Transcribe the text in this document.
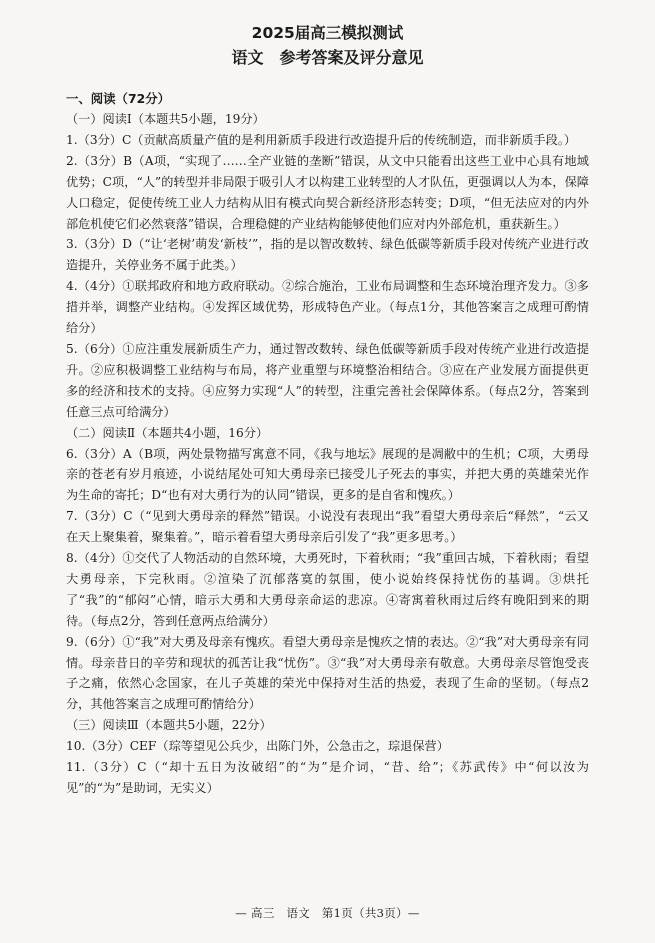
2025届高三模拟测试
语文　参考答案及评分意见

一、阅读（72分）

（一）阅读Ⅰ（本题共5小题，19分）

1.（3分）C（贡献高质量产值的是利用新质手段进行改造提升后的传统制造，而非新质手段。）

2.（3分）B（A项，“实现了……全产业链的垄断”错误，从文中只能看出这些工业中心具有地域优势；C项，“人”的转型并非局限于吸引人才以构建工业转型的人才队伍，更强调以人为本，保障人口稳定，促使传统工业人力结构从旧有模式向契合新经济形态转变；D项，“但无法应对的内外部危机使它们必然衰落”错误，合理稳健的产业结构能够使他们应对内外部危机，重获新生。）

3.（3分）D（“让‘老树’萌发‘新枝’”，指的是以智改数转、绿色低碳等新质手段对传统产业进行改造提升，关停业务不属于此类。）

4.（4分）①联邦政府和地方政府联动。②综合施治，工业布局调整和生态环境治理齐发力。③多措并举，调整产业结构。④发挥区域优势，形成特色产业。（每点1分，其他答案言之成理可酌情给分）

5.（6分）①应注重发展新质生产力，通过智改数转、绿色低碳等新质手段对传统产业进行改造提升。②应积极调整工业结构与布局，将产业重塑与环境整治相结合。③应在产业发展方面提供更多的经济和技术的支持。④应努力实现“人”的转型，注重完善社会保障体系。（每点2分，答案到任意三点可给满分）

（二）阅读Ⅱ（本题共4小题，16分）

6.（3分）A（B项，两处景物描写寓意不同，《我与地坛》展现的是凋敝中的生机；C项，大勇母亲的苍老有岁月痕迹，小说结尾处可知大勇母亲已接受儿子死去的事实，并把大勇的英雄荣光作为生命的寄托；D“也有对大勇行为的认同”错误，更多的是自省和愧疚。）

7.（3分）C（“见到大勇母亲的释然”错误。小说没有表现出“我”看望大勇母亲后“释然”，“云又在天上聚集着，聚集着。”，暗示着看望大勇母亲后引发了“我”更多思考。）

8.（4分）①交代了人物活动的自然环境，大勇死时，下着秋雨；“我”重回古城，下着秋雨；看望大勇母亲，下完秋雨。②渲染了沉郁落寞的氛围，使小说始终保持忧伤的基调。③烘托了“我”的“郁闷”心情，暗示大勇和大勇母亲命运的悲凉。④寄寓着秋雨过后终有晚阳到来的期待。（每点2分，答到任意两点给满分）

9.（6分）①“我”对大勇及母亲有愧疚。看望大勇母亲是愧疚之情的表达。②“我”对大勇母亲有同情。母亲昔日的辛劳和现状的孤苦让我“忧伤”。③“我”对大勇母亲有敬意。大勇母亲尽管饱受丧子之痛，依然心念国家，在儿子英雄的荣光中保持对生活的热爱，表现了生命的坚韧。（每点2分，其他答案言之成理可酌情给分）

（三）阅读Ⅲ（本题共5小题，22分）

10.（3分）CEF（琮等望见公兵少，出陈门外，公急击之，琮退保营）

11.（3分）C（“却十五日为汝破绍”的“为”是介词，“昔、给”；《苏武传》中“何以汝为见”的“为”是助词，无实义）

— 高三　语文　第1页（共3页）—
